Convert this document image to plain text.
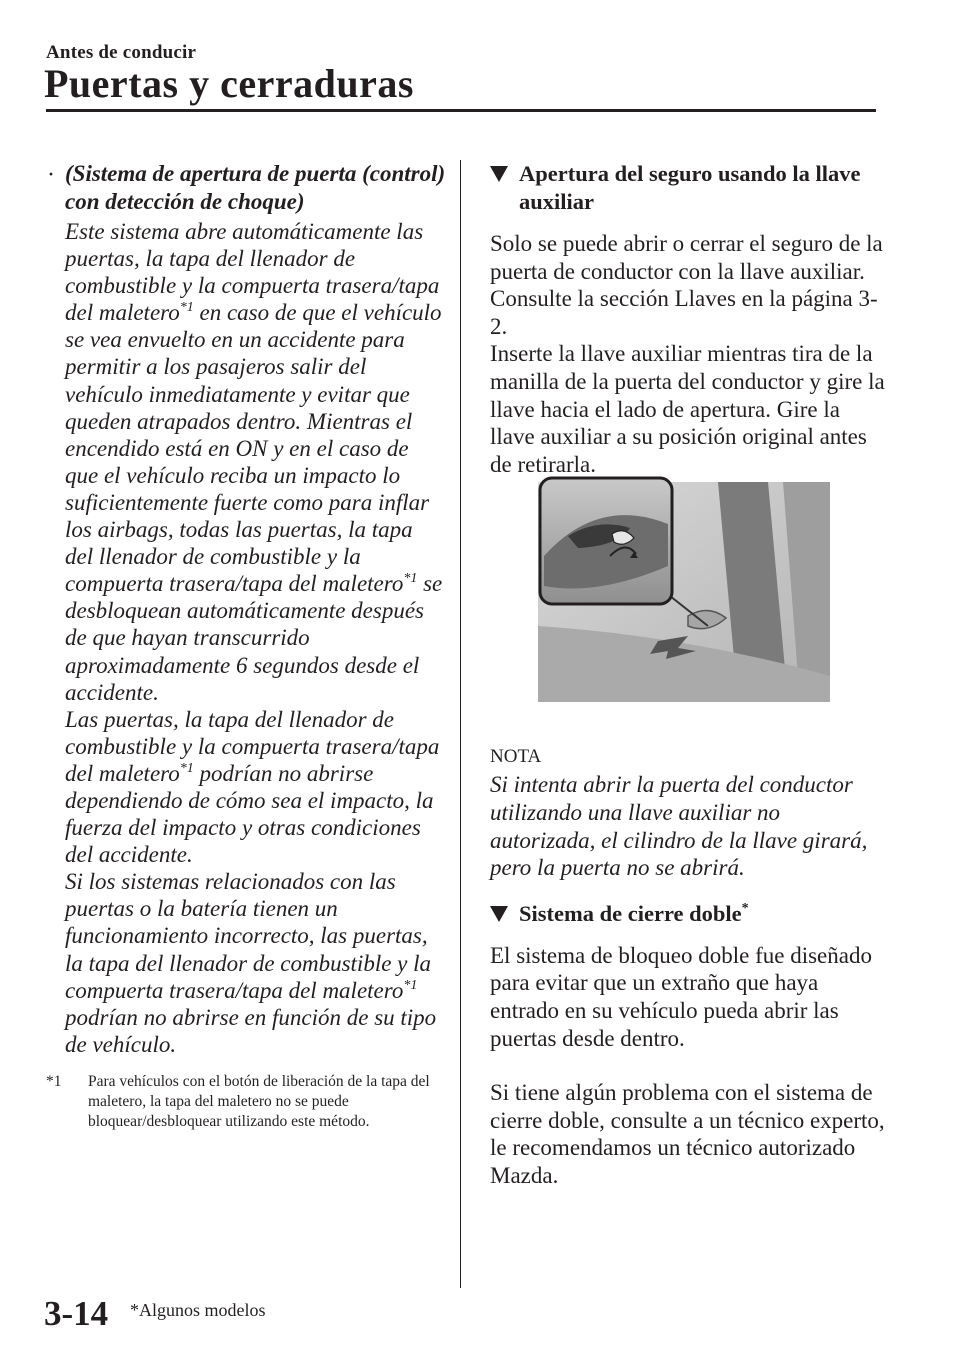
Antes de conducir
Puertas y cerraduras
· (Sistema de apertura de puerta (control) con detección de choque)

Este sistema abre automáticamente las puertas, la tapa del llenador de combustible y la compuerta trasera/tapa del maletero$^{*1}$ en caso de que el vehículo se vea envuelto en un accidente para permitir a los pasajeros salir del vehículo inmediatamente y evitar que queden atrapados dentro. Mientras el encendido está en ON y en el caso de que el vehículo reciba un impacto lo suficientemente fuerte como para inflar los airbags, todas las puertas, la tapa del llenador de combustible y la compuerta trasera/tapa del maletero$^{*1}$ se desbloquean automáticamente después de que hayan transcurrido aproximadamente 6 segundos desde el accidente.

Las puertas, la tapa del llenador de combustible y la compuerta trasera/tapa del maletero$^{*1}$ podrían no abrirse dependiendo de cómo sea el impacto, la fuerza del impacto y otras condiciones del accidente.

Si los sistemas relacionados con las puertas o la batería tienen un funcionamiento incorrecto, las puertas, la tapa del llenador de combustible y la compuerta trasera/tapa del maletero$^{*1}$ podrían no abrirse en función de su tipo de vehículo.

*1 Para vehículos con el botón de liberación de la tapa del maletero, la tapa del maletero no se puede bloquear/desbloquear utilizando este método.
Apertura del seguro usando la llave auxiliar

Solo se puede abrir o cerrar el seguro de la puerta de conductor con la llave auxiliar. Consulte la sección Llaves en la página 3-2.

Inserte la llave auxiliar mientras tira de la manilla de la puerta del conductor y gire la llave hacia el lado de apertura. Gire la llave auxiliar a su posición original antes de retirarla.

NOTA

Si intenta abrir la puerta del conductor utilizando una llave auxiliar no autorizada, el cilindro de la llave girará, pero la puerta no se abrirá.

Sistema de cierre doble*

El sistema de bloqueo doble fue diseñado para evitar que un extraño que haya entrado en su vehículo pueda abrir las puertas desde dentro.

Si tiene algún problema con el sistema de cierre doble, consulte a un técnico experto, le recomendamos un técnico autorizado Mazda.

3-14 *Algunos modelos
